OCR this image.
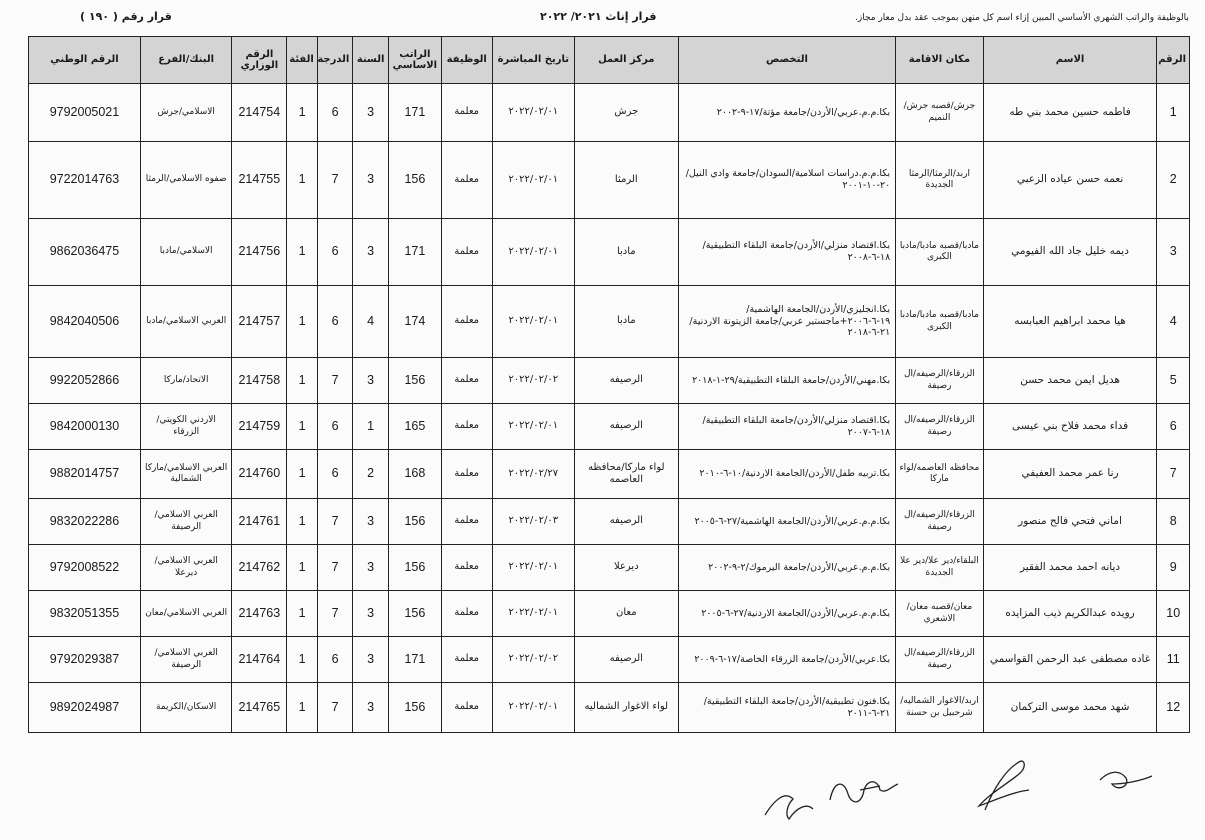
قرار رقم ( ١٩٠ )	قرار إناث ٢٠٢١/ ٢٠٢٢	بالوظيفة والراتب الشهري الأساسي المبين إزاء اسم كل منهن بموجب عقد بدل معار مجاز.
الرقم	الاسم	مكان الاقامة	التخصص	مركز العمل	تاريخ المباشرة	الوظيفة	الراتب الاساسي	السنة	الدرجة	الفئة	الرقم الوزاري	البنك/الفرع	الرقم الوطني
1	فاطمه حسين محمد بني طه	جرش/قصبه جرش/النميم	بكا.م.م.عربي/الأردن/جامعة مؤتة/١٧-٩-٢٠٠٢	جرش	٢٠٢٢/٠٢/٠١	معلمة	171	3	6	1	214754	الاسلامي/جرش	9792005021
2	نعمه حسن عياده الزعبي	اربد/الرمثا/الرمثا الجديدة	بكا.م.م.دراسات اسلامية/السودان/جامعة وادي النيل/٢٠-١٠-٢٠٠١	الرمثا	٢٠٢٢/٠٢/٠١	معلمة	156	3	7	1	214755	صفوه الاسلامي/الرمثا	9722014763
3	ديمه خليل جاد الله الفيومي	مادبا/قصبه مادبا/مادبا الكبرى	بكا.اقتصاد منزلي/الأردن/جامعة البلقاء التطبيقية/١٨-٦-٢٠٠٨	مادبا	٢٠٢٢/٠٢/٠١	معلمة	171	3	6	1	214756	الاسلامي/مادبا	9862036475
4	هيا محمد ابراهيم العبابسه	مادبا/قصبه مادبا/مادبا الكبرى	بكا.انجليزي/الأردن/الجامعة الهاشمية/١٩-٦-٢٠٠٦+ماجستير عربي/جامعة الزيتونة الاردنية/٢١-٦-٢٠١٨	مادبا	٢٠٢٢/٠٢/٠١	معلمة	174	4	6	1	214757	العربي الاسلامي/مادبا	9842040506
5	هديل ايمن محمد حسن	الزرقاء/الرصيفه/ال رصيفة	بكا.مهني/الأردن/جامعة البلقاء التطبيقية/٢٩-١-٢٠١٨	الرصيفه	٢٠٢٢/٠٢/٠٢	معلمة	156	3	7	1	214758	الاتحاد/ماركا	9922052866
6	فداء محمد فلاح بني عيسى	الزرقاء/الرصيفه/ال رصيفة	بكا.اقتصاد منزلي/الأردن/جامعة البلقاء التطبيقية/١٨-٦-٢٠٠٧	الرصيفه	٢٠٢٢/٠٢/٠١	معلمة	165	1	6	1	214759	الاردني الكويتي/الزرقاء	9842000130
7	رنا عمر محمد العفيفي	محافظه العاصمه/لواء ماركا	بكا.تربيه طفل/الأردن/الجامعة الاردنية/١٠-٦-٢٠١٠	لواء ماركا/محافظه العاصمه	٢٠٢٢/٠٢/٢٧	معلمة	168	2	6	1	214760	العربي الاسلامي/ماركا الشمالية	9882014757
8	اماني فتحي فالح منصور	الزرقاء/الرصيفه/ال رصيفة	بكا.م.م.عربي/الأردن/الجامعة الهاشمية/٢٧-٦-٢٠٠٥	الرصيفه	٢٠٢٢/٠٢/٠٣	معلمة	156	3	7	1	214761	العربي الاسلامي/الرصيفة	9832022286
9	ديانه احمد محمد الفقير	البلقاء/دير علا/دير علا الجديدة	بكا.م.م.عربي/الأردن/جامعة اليرموك/٢-٩-٢٠٠٢	ديرعلا	٢٠٢٢/٠٢/٠١	معلمة	156	3	7	1	214762	العربي الاسلامي/ديرعلا	9792008522
10	رويده عبدالكريم ذيب المزايده	معان/قصبه معان/الاشعري	بكا.م.م.عربي/الأردن/الجامعة الاردنية/٢٧-٦-٢٠٠٥	معان	٢٠٢٢/٠٢/٠١	معلمة	156	3	7	1	214763	العربي الاسلامي/معان	9832051355
11	غاده مصطفى عبد الرحمن القواسمي	الزرقاء/الرصيفه/ال رصيفة	بكا.عربي/الأردن/جامعة الزرقاء الخاصة/١٧-٦-٢٠٠٩	الرصيفه	٢٠٢٢/٠٢/٠٢	معلمة	171	3	6	1	214764	العربي الاسلامي/الرصيفة	9792029387
12	شهد محمد موسى التركمان	اربد/الاغوار الشماليه/شرحبيل بن حسنة	بكا.فنون تطبيقية/الأردن/جامعة البلقاء التطبيقية/٢١-٦-٢٠١١	لواء الاغوار الشماليه	٢٠٢٢/٠٢/٠١	معلمة	156	3	7	1	214765	الاسكان/الكريمة	9892024987
